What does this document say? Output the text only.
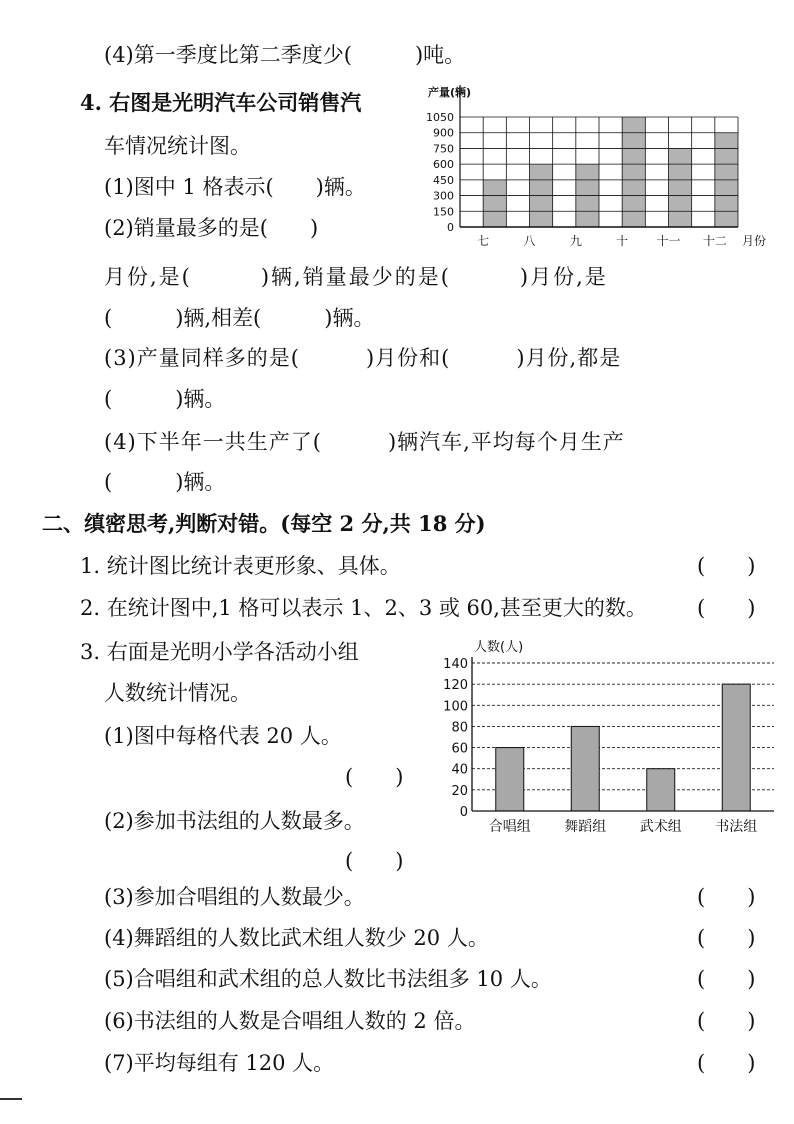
(4)第一季度比第二季度少(　　　)吨。
4. 右图是光明汽车公司销售汽
车情况统计图。
(1)图中 1 格表示(　　)辆。
(2)销量最多的是(　　)
月份,是(　　　)辆,销量最少的是(　　　)月份,是
(　　　)辆,相差(　　　)辆。
(3)产量同样多的是(　　　)月份和(　　　)月份,都是
(　　　)辆。
(4)下半年一共生产了(　　　)辆汽车,平均每个月生产
(　　　)辆。
产量(辆)
0
150
300
450
600
750
900
1050
七	八	九	十 十一 十二 月份
二、缜密思考,判断对错。(每空 2 分,共 18 分)
1. 统计图比统计表更形象、具体。	(　　)
2. 在统计图中,1 格可以表示 1、2、3 或 60,甚至更大的数。 (　　)
3. 右面是光明小学各活动小组
人数统计情况。
(1)图中每格代表 20 人。
(　　)
(2)参加书法组的人数最多。
(　　)
(3)参加合唱组的人数最少。	(　　)
(4)舞蹈组的人数比武术组人数少 20 人。	(　　)
(5)合唱组和武术组的总人数比书法组多 10 人。	(　　)
(6)书法组的人数是合唱组人数的 2 倍。	(　　)
(7)平均每组有 120 人。	(　　)
人数(人)
0
20
40
60
80
100
120
140
合唱组 舞蹈组 武术组 书法组
